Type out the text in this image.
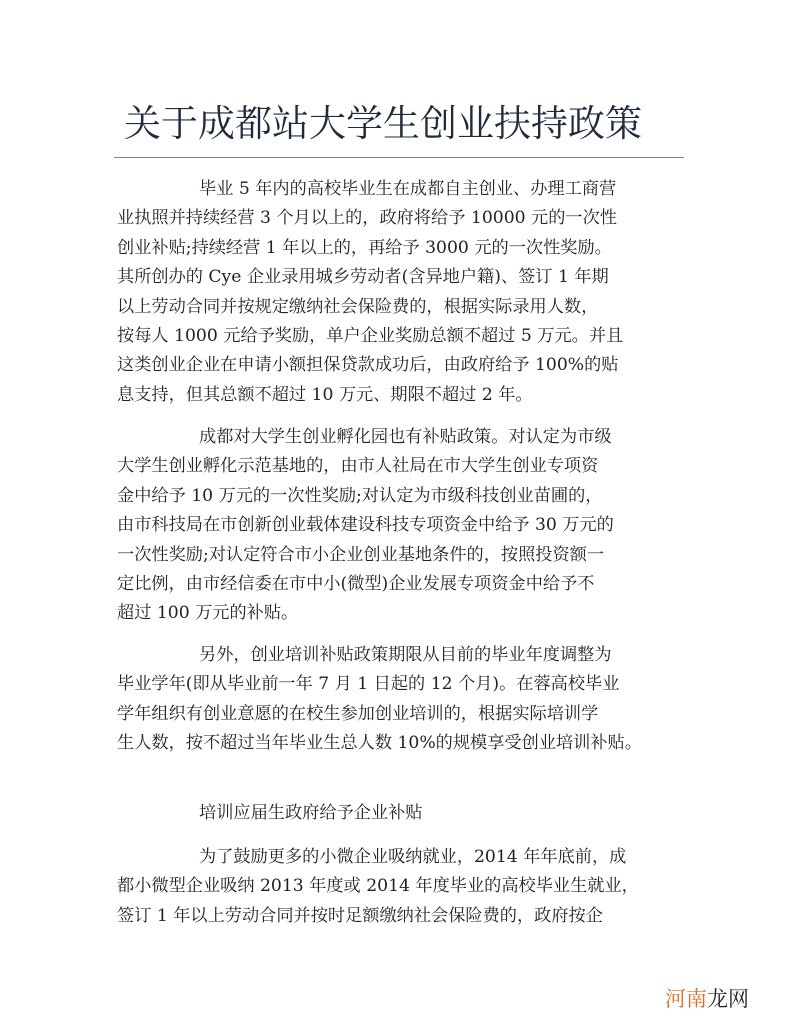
关于成都站大学生创业扶持政策
毕业 5 年内的高校毕业生在成都自主创业、办理工商营
业执照并持续经营 3 个月以上的，政府将给予 10000 元的一次性
创业补贴;持续经营 1 年以上的，再给予 3000 元的一次性奖励。
其所创办的 Cye 企业录用城乡劳动者(含异地户籍)、签订 1 年期
以上劳动合同并按规定缴纳社会保险费的，根据实际录用人数，
按每人 1000 元给予奖励，单户企业奖励总额不超过 5 万元。并且
这类创业企业在申请小额担保贷款成功后，由政府给予 100%的贴
息支持，但其总额不超过 10 万元、期限不超过 2 年。
成都对大学生创业孵化园也有补贴政策。对认定为市级
大学生创业孵化示范基地的，由市人社局在市大学生创业专项资
金中给予 10 万元的一次性奖励;对认定为市级科技创业苗圃的，
由市科技局在市创新创业载体建设科技专项资金中给予 30 万元的
一次性奖励;对认定符合市小企业创业基地条件的，按照投资额一
定比例，由市经信委在市中小(微型)企业发展专项资金中给予不
超过 100 万元的补贴。
另外，创业培训补贴政策期限从目前的毕业年度调整为
毕业学年(即从毕业前一年 7 月 1 日起的 12 个月)。在蓉高校毕业
学年组织有创业意愿的在校生参加创业培训的，根据实际培训学
生人数，按不超过当年毕业生总人数 10%的规模享受创业培训补贴。
培训应届生政府给予企业补贴
为了鼓励更多的小微企业吸纳就业，2014 年年底前，成
都小微型企业吸纳 2013 年度或 2014 年度毕业的高校毕业生就业，
签订 1 年以上劳动合同并按时足额缴纳社会保险费的，政府按企
河南龙网
